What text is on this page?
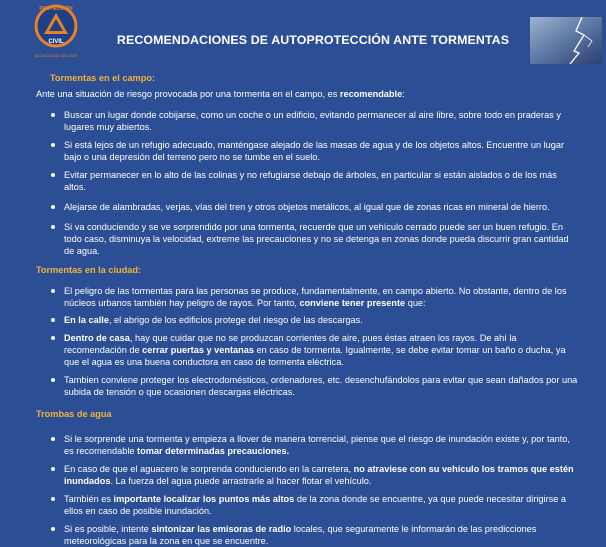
PROTECCIÓN
CIVIL
ALCALDÍA DE SAN JOSÉ
RECOMENDACIONES DE AUTOPROTECCIÓN ANTE TORMENTAS
Tormentas en el campo:
Ante una situación de riesgo provocada por una tormenta en el campo, es recomendable:
Buscar un lugar donde cobijarse, como un coche o un edificio, evitando permanecer al aire libre, sobre todo en praderas y lugares muy abiertos.
Si está lejos de un refugio adecuado, manténgase alejado de las masas de agua y de los objetos altos. Encuentre un lugar bajo o una depresión del terreno pero no se tumbe en el suelo.
Evitar permanecer en lo alto de las colinas y no refugiarse debajo de árboles, en particular si están aislados o de los más altos.
Alejarse de alambradas, verjas, vías del tren y otros objetos metálicos, al igual que de zonas ricas en mineral de hierro.
Si va conduciendo y se ve sorprendido por una tormenta, recuerde que un vehículo cerrado puede ser un buen refugio. En todo caso, disminuya la velocidad, extreme las precauciones y no se detenga en zonas donde pueda discurrir gran cantidad de agua.
Tormentas en la ciudad:
El peligro de las tormentas para las personas se produce, fundamentalmente, en campo abierto. No obstante, dentro de los núcleos urbanos también hay peligro de rayos. Por tanto, conviene tener presente que:
En la calle, el abrigo de los edificios protege del riesgo de las descargas.
Dentro de casa, hay que cuidar que no se produzcan corrientes de aire, pues éstas atraen los rayos. De ahí la recomendación de cerrar puertas y ventanas en caso de tormenta. Igualmente, se debe evitar tomar un baño o ducha, ya que el agua es una buena conductora en caso de tormenta eléctrica.
Tambien conviene proteger los electrodomésticos, ordenadores, etc. desenchufándolos para evitar que sean dañados por una subida de tensión o que ocasionen descargas eléctricas.
Trombas de agua
Si le sorprende una tormenta y empieza a llover de manera torrencial, piense que el riesgo de inundación existe y, por tanto, es recomendable tomar determinadas precauciones.
En caso de que el aguacero le sorprenda conduciendo en la carretera, no atraviese con su vehículo los tramos que estén inundados. La fuerza del agua puede arrastrarle al hacer flotar el vehículo.
También es importante localizar los puntos más altos de la zona donde se encuentre, ya que puede necesitar dirigirse a ellos en caso de posible inundación.
Si es posible, intente sintonizar las emisoras de radio locales, que seguramente le informarán de las predicciones meteorológicas para la zona en que se encuentre.
